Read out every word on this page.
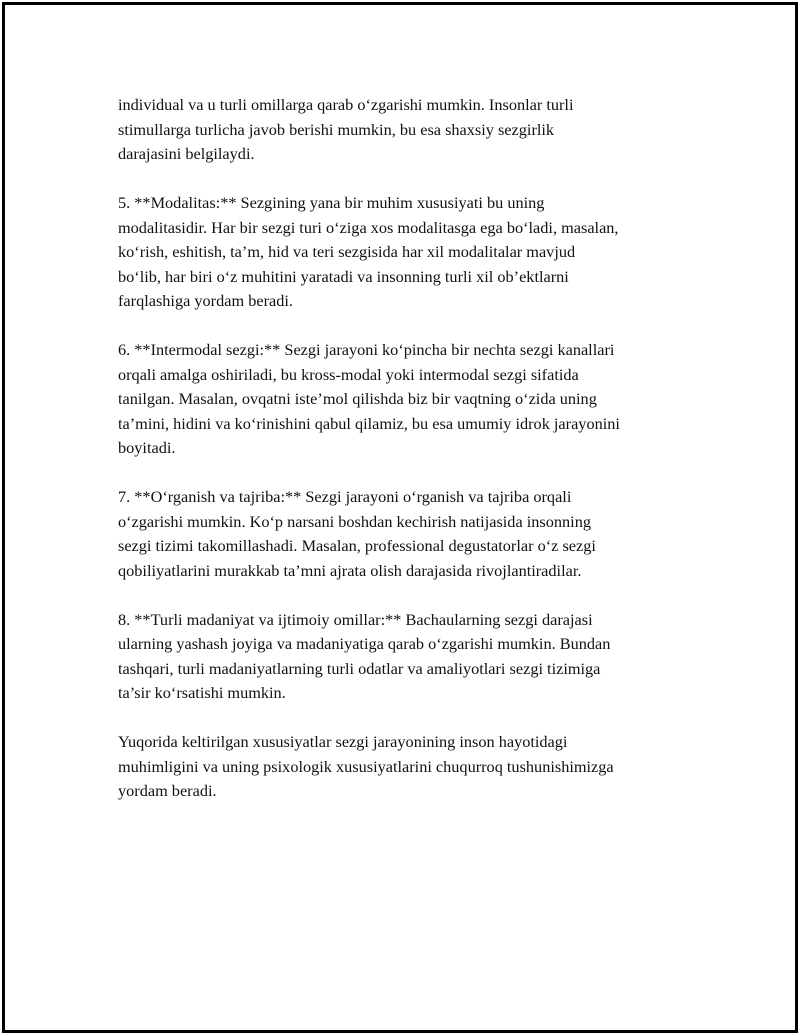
individual va u turli omillarga qarab o‘zgarishi mumkin. Insonlar turli
stimullarga turlicha javob berishi mumkin, bu esa shaxsiy sezgirlik
darajasini belgilaydi.

5. **Modalitas:** Sezgining yana bir muhim xususiyati bu uning
modalitasidir. Har bir sezgi turi o‘ziga xos modalitasga ega bo‘ladi, masalan,
ko‘rish, eshitish, ta’m, hid va teri sezgisida har xil modalitalar mavjud
bo‘lib, har biri o‘z muhitini yaratadi va insonning turli xil ob’ektlarni
farqlashiga yordam beradi.

6. **Intermodal sezgi:** Sezgi jarayoni ko‘pincha bir nechta sezgi kanallari
orqali amalga oshiriladi, bu kross-modal yoki intermodal sezgi sifatida
tanilgan. Masalan, ovqatni iste’mol qilishda biz bir vaqtning o‘zida uning
ta’mini, hidini va ko‘rinishini qabul qilamiz, bu esa umumiy idrok jarayonini
boyitadi.

7. **O‘rganish va tajriba:** Sezgi jarayoni o‘rganish va tajriba orqali
o‘zgarishi mumkin. Ko‘p narsani boshdan kechirish natijasida insonning
sezgi tizimi takomillashadi. Masalan, professional degustatorlar o‘z sezgi
qobiliyatlarini murakkab ta’mni ajrata olish darajasida rivojlantiradilar.

8. **Turli madaniyat va ijtimoiy omillar:** Bachaularning sezgi darajasi
ularning yashash joyiga va madaniyatiga qarab o‘zgarishi mumkin. Bundan
tashqari, turli madaniyatlarning turli odatlar va amaliyotlari sezgi tizimiga
ta’sir ko‘rsatishi mumkin.

Yuqorida keltirilgan xususiyatlar sezgi jarayonining inson hayotidagi
muhimligini va uning psixologik xususiyatlarini chuqurroq tushunishimizga
yordam beradi.
